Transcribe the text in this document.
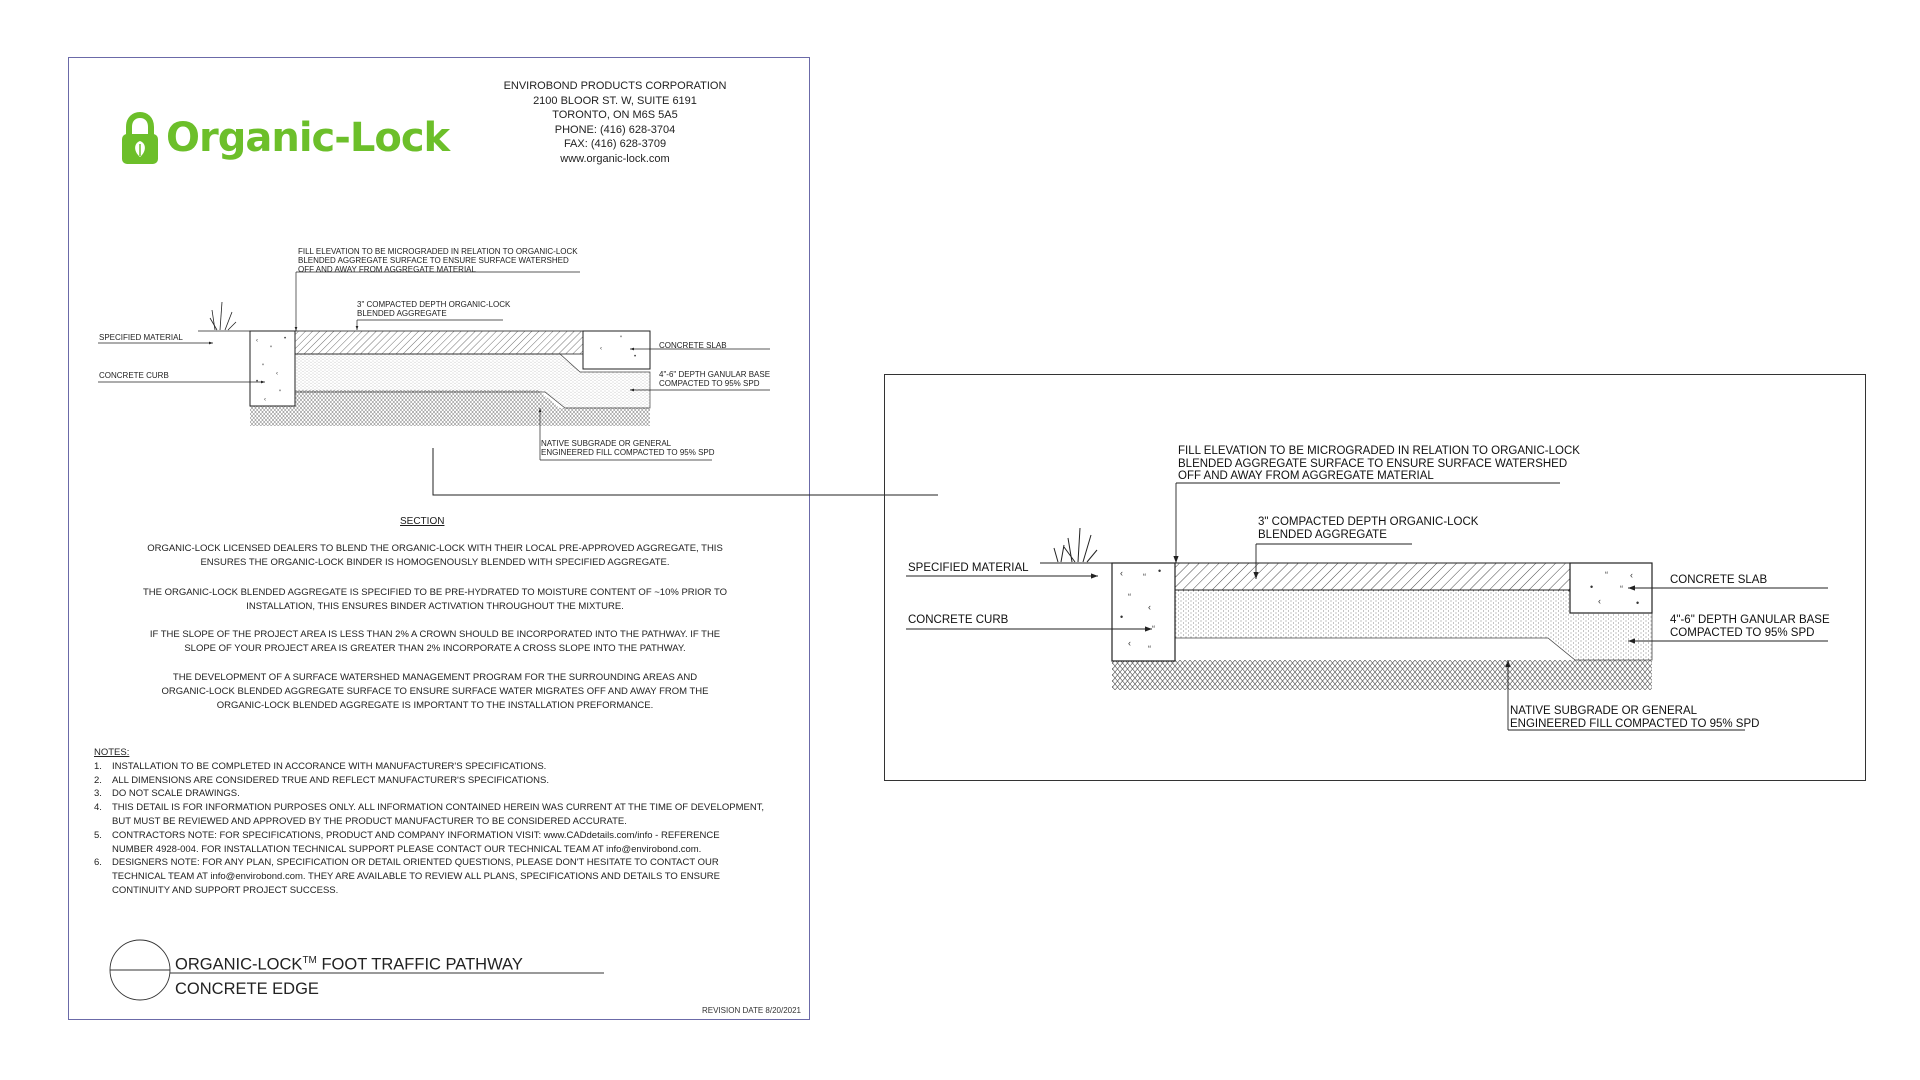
Organic-Lock
ENVIROBOND PRODUCTS CORPORATION
2100 BLOOR ST. W, SUITE 6191
TORONTO, ON M6S 5A5
PHONE: (416) 628-3704
FAX: (416) 628-3709
www.organic-lock.com
‹
“
•
“
‹
•
“
‹
“
‹
•
‹ “
•
“
‹
•
“
‹
“
“ ‹
•	“
‹	•
FILL ELEVATION TO BE MICROGRADED IN RELATION TO ORGANIC-LOCK
BLENDED AGGREGATE SURFACE TO ENSURE SURFACE WATERSHED
OFF AND AWAY FROM AGGREGATE MATERIAL
3" COMPACTED DEPTH ORGANIC-LOCK
BLENDED AGGREGATE
SPECIFIED MATERIAL
CONCRETE CURB
CONCRETE SLAB
4"-6" DEPTH GANULAR BASE
COMPACTED TO 95% SPD
NATIVE SUBGRADE OR GENERAL
ENGINEERED FILL COMPACTED TO 95% SPD
SECTION
ORGANIC-LOCK LICENSED DEALERS TO BLEND THE ORGANIC-LOCK WITH THEIR LOCAL PRE-APPROVED AGGREGATE, THIS
ENSURES THE ORGANIC-LOCK BINDER IS HOMOGENOUSLY BLENDED WITH SPECIFIED AGGREGATE.
THE ORGANIC-LOCK BLENDED AGGREGATE IS SPECIFIED TO BE PRE-HYDRATED TO MOISTURE CONTENT OF ~10% PRIOR TO
INSTALLATION, THIS ENSURES BINDER ACTIVATION THROUGHOUT THE MIXTURE.
IF THE SLOPE OF THE PROJECT AREA IS LESS THAN 2% A CROWN SHOULD BE INCORPORATED INTO THE PATHWAY. IF THE
SLOPE OF YOUR PROJECT AREA IS GREATER THAN 2% INCORPORATE A CROSS SLOPE INTO THE PATHWAY.
THE DEVELOPMENT OF A SURFACE WATERSHED MANAGEMENT PROGRAM FOR THE SURROUNDING AREAS AND
ORGANIC-LOCK BLENDED AGGREGATE SURFACE TO ENSURE SURFACE WATER MIGRATES OFF AND AWAY FROM THE
ORGANIC-LOCK BLENDED AGGREGATE IS IMPORTANT TO THE INSTALLATION PREFORMANCE.
NOTES:
1.	INSTALLATION TO BE COMPLETED IN ACCORANCE WITH MANUFACTURER'S SPECIFICATIONS.
2.	ALL DIMENSIONS ARE CONSIDERED TRUE AND REFLECT MANUFACTURER'S SPECIFICATIONS.
3.	DO NOT SCALE DRAWINGS.
4.	THIS DETAIL IS FOR INFORMATION PURPOSES ONLY. ALL INFORMATION CONTAINED HEREIN WAS CURRENT AT THE TIME OF DEVELOPMENT,
BUT MUST BE REVIEWED AND APPROVED BY THE PRODUCT MANUFACTURER TO BE CONSIDERED ACCURATE.
5.	CONTRACTORS NOTE: FOR SPECIFICATIONS, PRODUCT AND COMPANY INFORMATION VISIT: www.CADdetails.com/info - REFERENCE
NUMBER 4928-004. FOR INSTALLATION TECHNICAL SUPPORT PLEASE CONTACT OUR TECHNICAL TEAM AT info@envirobond.com.
6.	DESIGNERS NOTE: FOR ANY PLAN, SPECIFICATION OR DETAIL ORIENTED QUESTIONS, PLEASE DON'T HESITATE TO CONTACT OUR
TECHNICAL TEAM AT info@envirobond.com. THEY ARE AVAILABLE TO REVIEW ALL PLANS, SPECIFICATIONS AND DETAILS TO ENSURE
CONTINUITY AND SUPPORT PROJECT SUCCESS.
ORGANIC-LOCK™ FOOT TRAFFIC PATHWAY
CONCRETE EDGE
REVISION DATE 8/20/2021
FILL ELEVATION TO BE MICROGRADED IN RELATION TO ORGANIC-LOCK
BLENDED AGGREGATE SURFACE TO ENSURE SURFACE WATERSHED
OFF AND AWAY FROM AGGREGATE MATERIAL
3" COMPACTED DEPTH ORGANIC-LOCK
BLENDED AGGREGATE
SPECIFIED MATERIAL
CONCRETE CURB
CONCRETE SLAB
4"-6" DEPTH GANULAR BASE
COMPACTED TO 95% SPD
NATIVE SUBGRADE OR GENERAL
ENGINEERED FILL COMPACTED TO 95% SPD
